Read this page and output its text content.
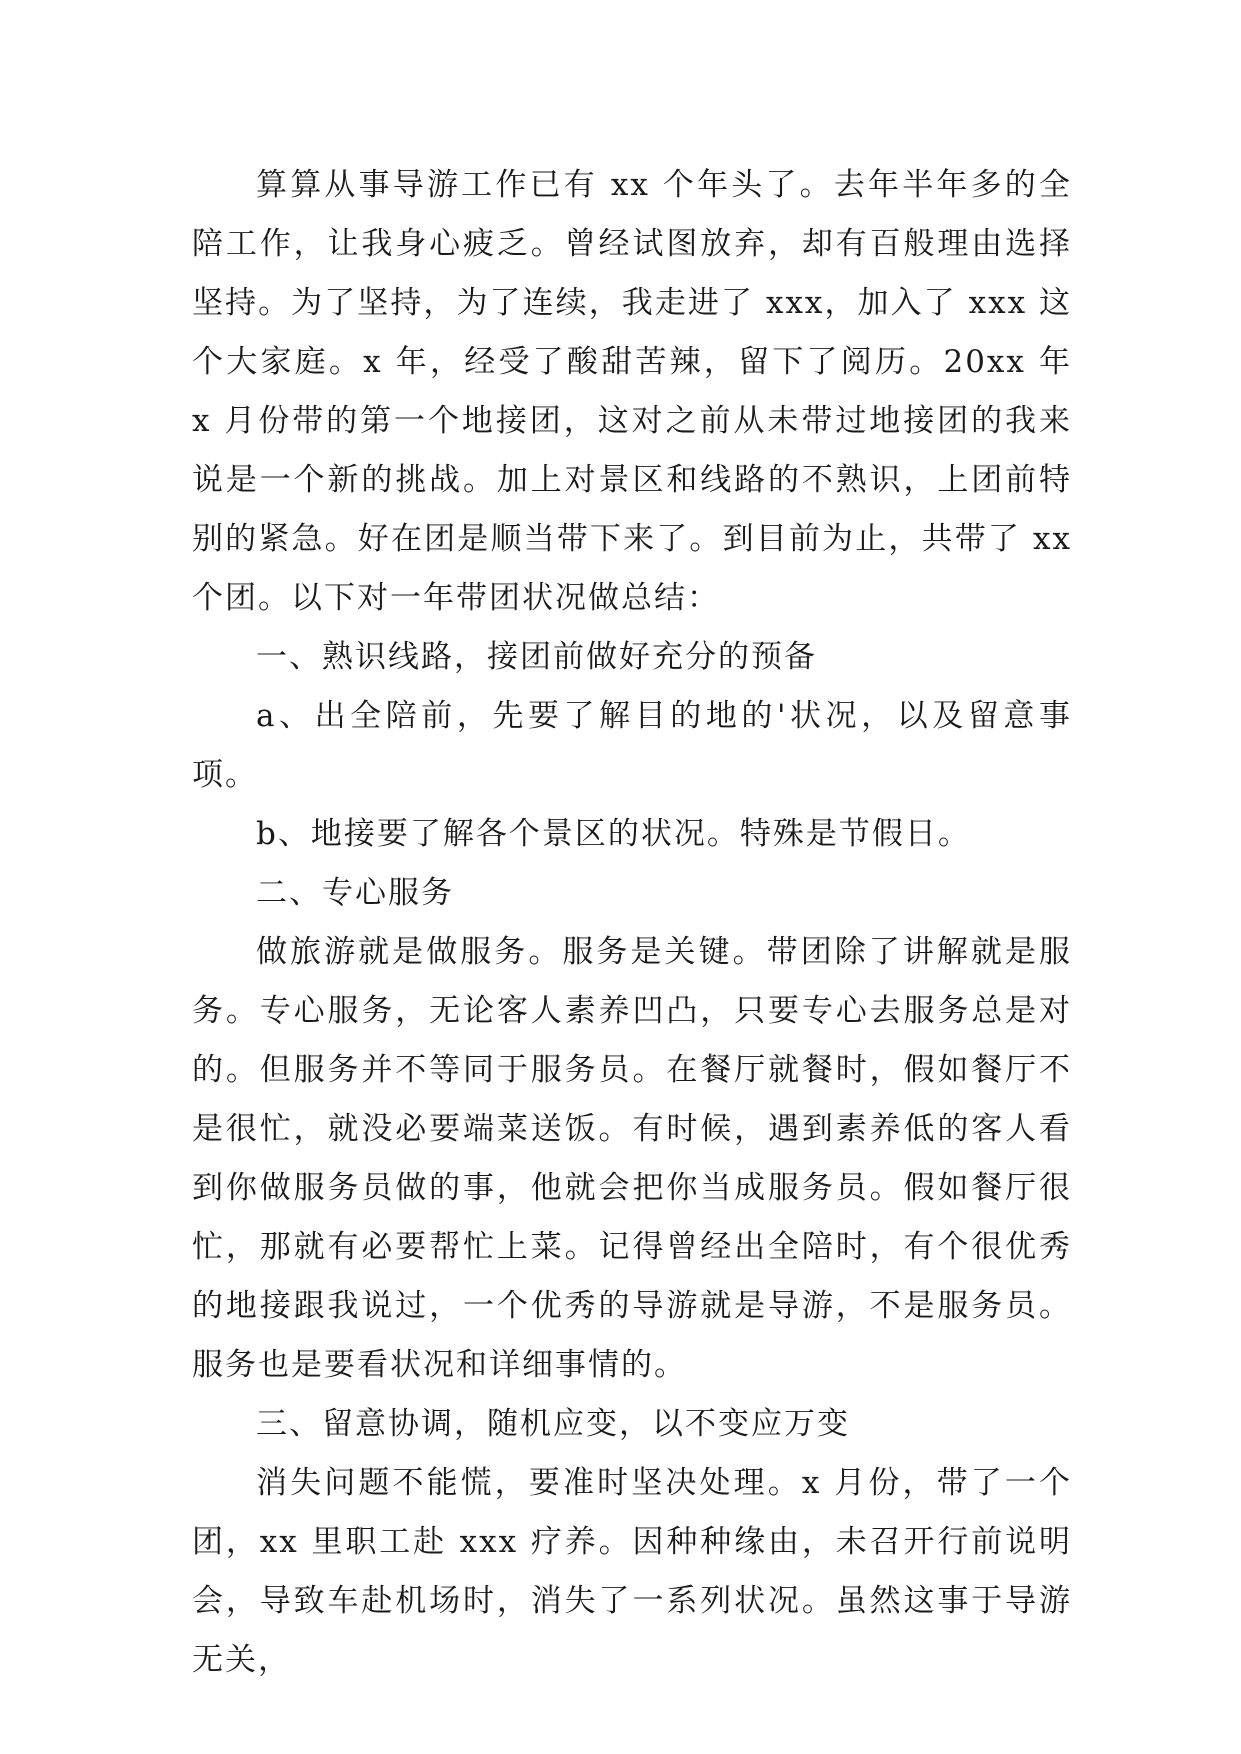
算算从事导游工作已有 xx 个年头了。去年半年多的全陪工作，让我身心疲乏。曾经试图放弃，却有百般理由选择坚持。为了坚持，为了连续，我走进了 xxx，加入了 xxx 这个大家庭。x 年，经受了酸甜苦辣，留下了阅历。20xx 年 x 月份带的第一个地接团，这对之前从未带过地接团的我来说是一个新的挑战。加上对景区和线路的不熟识，上团前特别的紧急。好在团是顺当带下来了。到目前为止，共带了 xx 个团。以下对一年带团状况做总结：

一、熟识线路，接团前做好充分的预备

a、出全陪前，先要了解目的地的'状况，以及留意事项。

b、地接要了解各个景区的状况。特殊是节假日。

二、专心服务

做旅游就是做服务。服务是关键。带团除了讲解就是服务。专心服务，无论客人素养凹凸，只要专心去服务总是对的。但服务并不等同于服务员。在餐厅就餐时，假如餐厅不是很忙，就没必要端菜送饭。有时候，遇到素养低的客人看到你做服务员做的事，他就会把你当成服务员。假如餐厅很忙，那就有必要帮忙上菜。记得曾经出全陪时，有个很优秀的地接跟我说过，一个优秀的导游就是导游，不是服务员。服务也是要看状况和详细事情的。

三、留意协调，随机应变，以不变应万变

消失问题不能慌，要准时坚决处理。x 月份，带了一个团，xx 里职工赴 xxx 疗养。因种种缘由，未召开行前说明会，导致车赴机场时，消失了一系列状况。虽然这事于导游无关，
